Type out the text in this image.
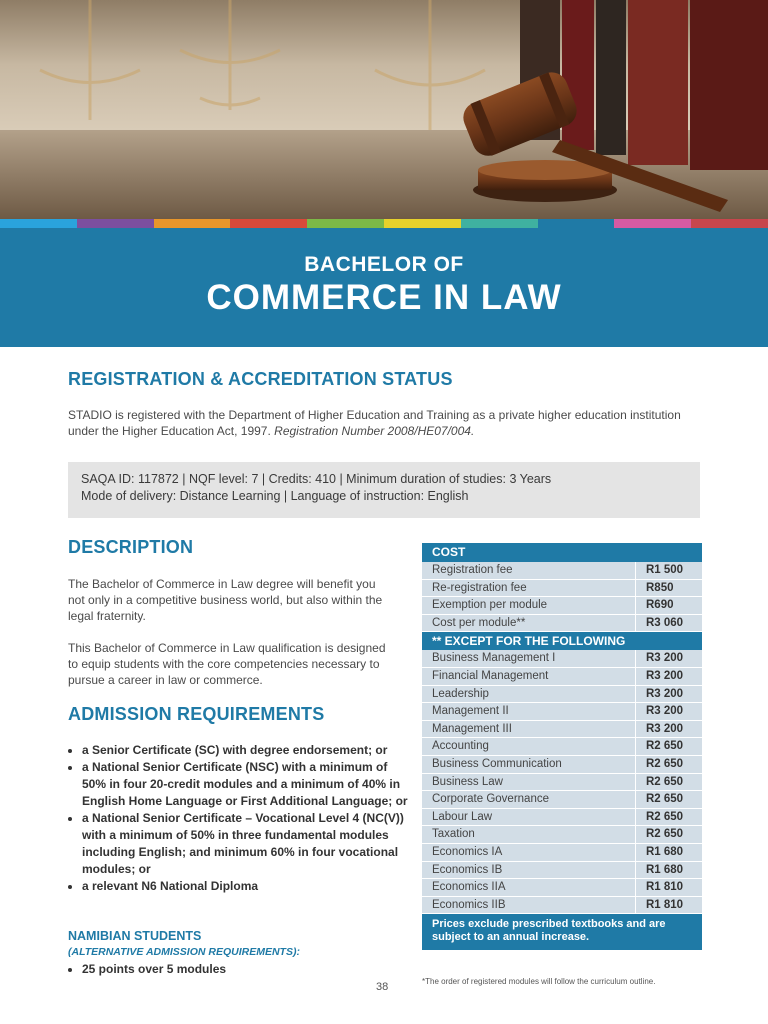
BACHELOR OF
COMMERCE IN LAW
REGISTRATION & ACCREDITATION STATUS
STADIO is registered with the Department of Higher Education and Training as a private higher education institution under the Higher Education Act, 1997. Registration Number 2008/HE07/004.
SAQA ID: 117872 | NQF level: 7 | Credits: 410 | Minimum duration of studies: 3 Years
Mode of delivery: Distance Learning | Language of instruction: English
DESCRIPTION

The Bachelor of Commerce in Law degree will benefit you not only in a competitive business world, but also within the legal fraternity.

This Bachelor of Commerce in Law qualification is designed to equip students with the core competencies necessary to pursue a career in law or commerce.

ADMISSION REQUIREMENTS
• a Senior Certificate (SC) with degree endorsement; or
• a National Senior Certificate (NSC) with a minimum of 50% in four 20-credit modules and a minimum of 40% in English Home Language or First Additional Language; or
• a National Senior Certificate – Vocational Level 4 (NC(V)) with a minimum of 50% in three fundamental modules including English; and minimum 60% in four vocational modules; or
• a relevant N6 National Diploma
NAMIBIAN STUDENTS
(ALTERNATIVE ADMISSION REQUIREMENTS):
• 25 points over 5 modules
COST
Registration fee	R1 500
Re-registration fee	R850
Exemption per module	R690
Cost per module**	R3 060
** EXCEPT FOR THE FOLLOWING
Business Management I	R3 200
Financial Management	R3 200
Leadership	R3 200
Management II	R3 200
Management III	R3 200
Accounting	R2 650
Business Communication	R2 650
Business Law	R2 650
Corporate Governance	R2 650
Labour Law	R2 650
Taxation	R2 650
Economics IA	R1 680
Economics IB	R1 680
Economics IIA	R1 810
Economics IIB	R1 810
Prices exclude prescribed textbooks and are subject to an annual increase.
38	*The order of registered modules will follow the curriculum outline.
